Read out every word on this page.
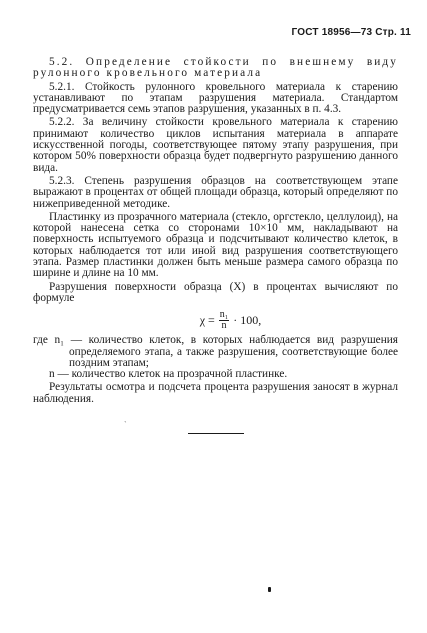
ГОСТ 18956—73 Стр. 11

5.2. Определение стойкости по внешнему виду рулонного кровельного материала

5.2.1. Стойкость рулонного кровельного материала к старению устанавливают по этапам разрушения материала. Стандартом предусматривается семь этапов разрушения, указанных в п. 4.3.

5.2.2. За величину стойкости кровельного материала к старению принимают количество циклов испытания материала в аппарате искусственной погоды, соответствующее пятому этапу разрушения, при котором 50% поверхности образца будет подвергнуто разрушению данного вида.

5.2.3. Степень разрушения образцов на соответствующем этапе выражают в процентах от общей площади образца, который определяют по нижеприведенной методике.

Пластинку из прозрачного материала (стекло, оргстекло, целлулоид), на которой нанесена сетка со сторонами 10×10 мм, накладывают на поверхность испытуемого образца и подсчитывают количество клеток, в которых наблюдается тот или иной вид разрушения соответствующего этапа. Размер пластинки должен быть меньше размера самого образца по ширине и длине на 10 мм.

Разрушения поверхности образца (X) в процентах вычисляют по формуле

$\chi = \frac{\text{n₁}}{n} \cdot 100$,

где n₁ — количество клеток, в которых наблюдается вид разрушения определяемого этапа, а также разрушения, соответствующие более поздним этапам;

n — количество клеток на прозрачной пластинке.

Результаты осмотра и подсчета процента разрушения заносят в журнал наблюдения.

`
